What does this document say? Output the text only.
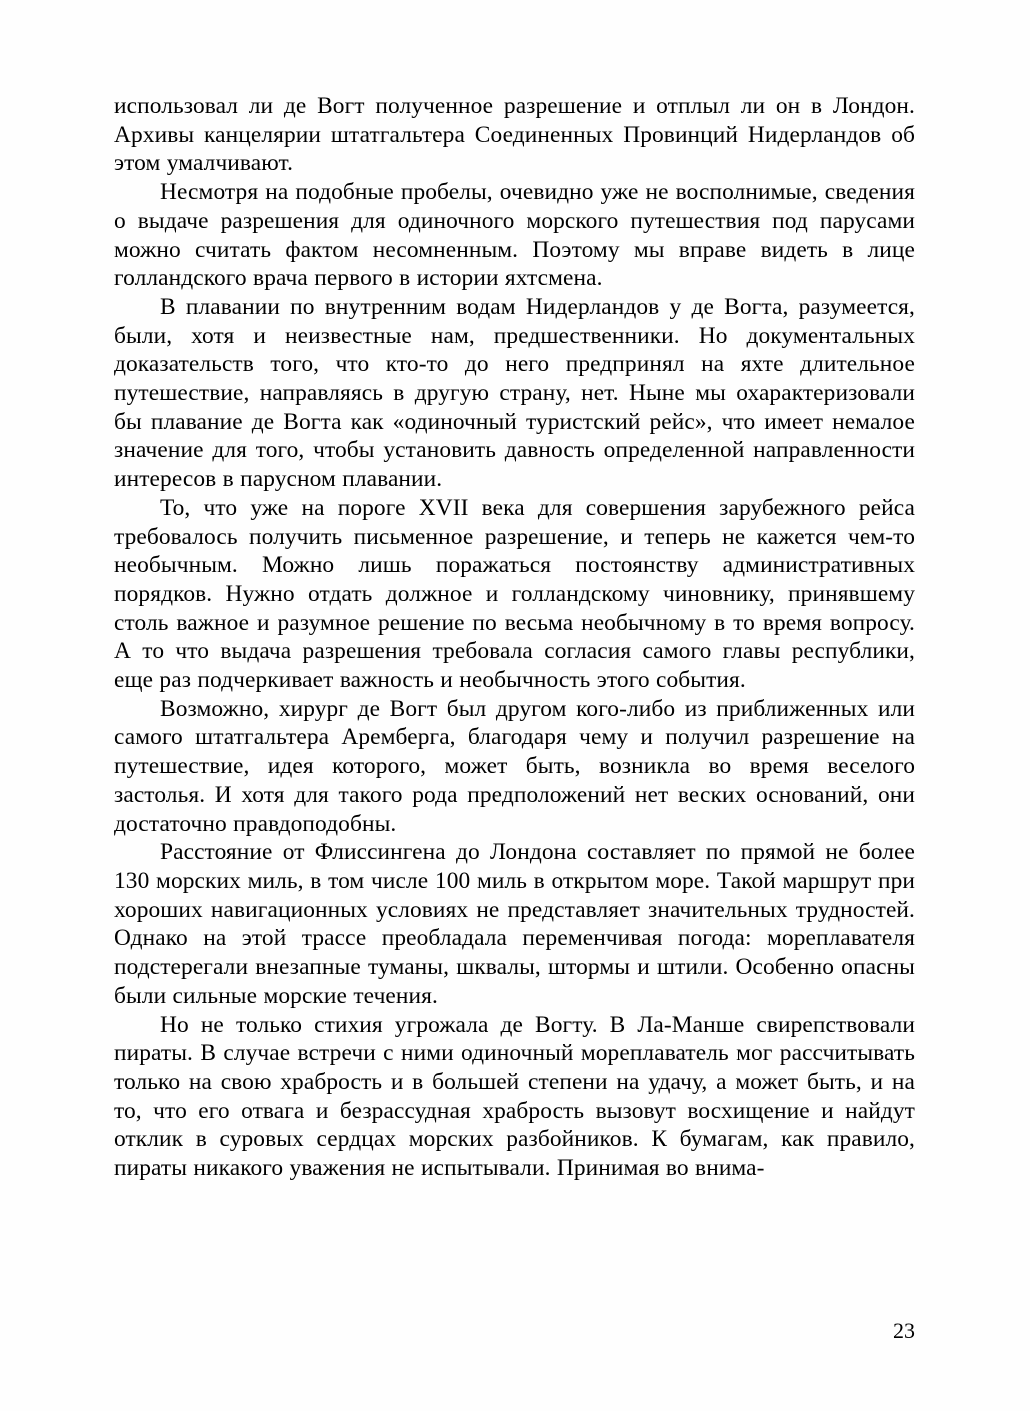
использовал ли де Вогт полученное разрешение и отплыл ли он в Лондон. Архивы канцелярии штатгальтера Соединенных Провинций Нидерландов об этом умалчивают.

Несмотря на подобные пробелы, очевидно уже не восполнимые, сведения о выдаче разрешения для одиночного морского путешествия под парусами можно считать фактом несомненным. Поэтому мы вправе видеть в лице голландского врача первого в истории яхтсмена.

В плавании по внутренним водам Нидерландов у де Вогта, разумеется, были, хотя и неизвестные нам, предшественники. Но документальных доказательств того, что кто-то до него предпринял на яхте длительное путешествие, направляясь в другую страну, нет. Ныне мы охарактеризовали бы плавание де Вогта как «одиночный туристский рейс», что имеет немалое значение для того, чтобы установить давность определенной направленности интересов в парусном плавании.

То, что уже на пороге XVII века для совершения зарубежного рейса требовалось получить письменное разрешение, и теперь не кажется чем-то необычным. Можно лишь поражаться постоянству административных порядков. Нужно отдать должное и голландскому чиновнику, принявшему столь важное и разумное решение по весьма необычному в то время вопросу. А то что выдача разрешения требовала согласия самого главы республики, еще раз подчеркивает важность и необычность этого события.

Возможно, хирург де Вогт был другом кого-либо из приближенных или самого штатгальтера Аремберга, благодаря чему и получил разрешение на путешествие, идея которого, может быть, возникла во время веселого застолья. И хотя для такого рода предположений нет веских оснований, они достаточно правдоподобны.

Расстояние от Флиссингена до Лондона составляет по прямой не более 130 морских миль, в том числе 100 миль в открытом море. Такой маршрут при хороших навигационных условиях не представляет значительных трудностей. Однако на этой трассе преобладала переменчивая погода: мореплавателя подстерегали внезапные туманы, шквалы, штормы и штили. Особенно опасны были сильные морские течения.

Но не только стихия угрожала де Вогту. В Ла-Манше свирепствовали пираты. В случае встречи с ними одиночный мореплаватель мог рассчитывать только на свою храбрость и в большей степени на удачу, а может быть, и на то, что его отвага и безрассудная храбрость вызовут восхищение и найдут отклик в суровых сердцах морских разбойников. К бумагам, как правило, пираты никакого уважения не испытывали. Принимая во внима-

23
